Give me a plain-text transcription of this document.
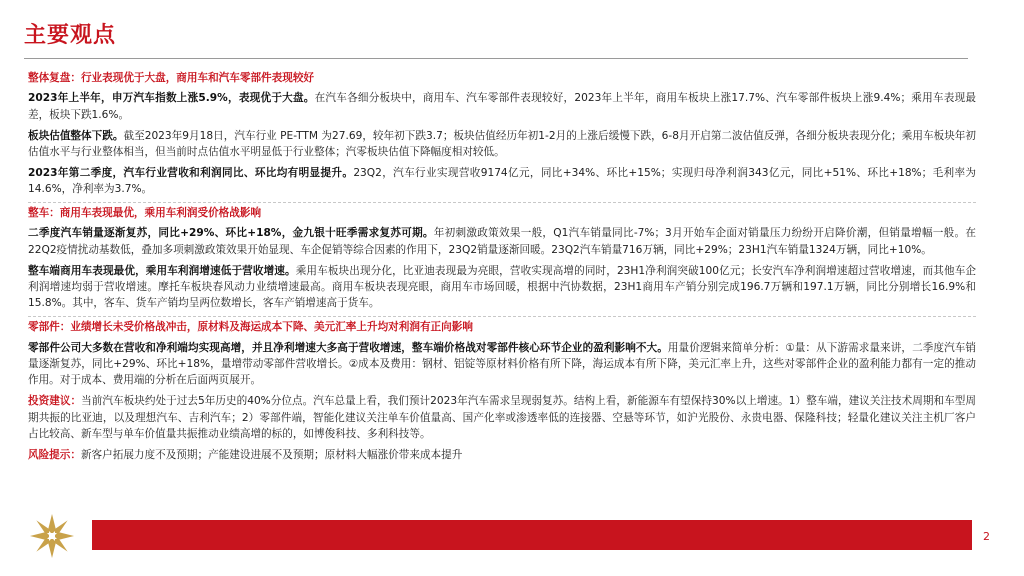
主要观点

整体复盘：行业表现优于大盘，商用车和汽车零部件表现较好

2023年上半年，申万汽车指数上涨5.9%，表现优于大盘。在汽车各细分板块中，商用车、汽车零部件表现较好，2023年上半年，商用车板块上涨17.7%、汽车零部件板块上涨9.4%；乘用车表现最差，板块下跌1.6%。

板块估值整体下跌。截至2023年9月18日，汽车行业 PE-TTM 为27.69，较年初下跌3.7；板块估值经历年初1-2月的上涨后缓慢下跌，6-8月开启第二波估值反弹，各细分板块表现分化；乘用车板块年初估值水平与行业整体相当，但当前时点估值水平明显低于行业整体；汽零板块估值下降幅度相对较低。

2023年第二季度，汽车行业营收和利润同比、环比均有明显提升。23Q2，汽车行业实现营收9174亿元，同比+34%、环比+15%；实现归母净利润343亿元，同比+51%、环比+18%；毛利率为14.6%，净利率为3.7%。

整车：商用车表现最优，乘用车利润受价格战影响

二季度汽车销量逐渐复苏，同比+29%、环比+18%，金九银十旺季需求复苏可期。年初刺激政策效果一般，Q1汽车销量同比-7%；3月开始车企面对销量压力纷纷开启降价潮，但销量增幅一般。在22Q2疫情扰动基数低，叠加多项刺激政策效果开始显现、车企促销等综合因素的作用下，23Q2销量逐渐回暖。23Q2汽车销量716万辆，同比+29%；23H1汽车销量1324万辆，同比+10%。

整车端商用车表现最优，乘用车利润增速低于营收增速。乘用车板块出现分化，比亚迪表现最为亮眼，营收实现高增的同时，23H1净利润突破100亿元；长安汽车净利润增速超过营收增速，而其他车企利润增速均弱于营收增速。摩托车板块春风动力业绩增速最高。商用车板块表现亮眼，商用车市场回暖，根据中汽协数据，23H1商用车产销分别完成196.7万辆和197.1万辆，同比分别增长16.9%和15.8%。其中，客车、货车产销均呈两位数增长，客车产销增速高于货车。

零部件：业绩增长未受价格战冲击，原材料及海运成本下降、美元汇率上升均对利润有正向影响

零部件公司大多数在营收和净利端均实现高增，并且净利增速大多高于营收增速，整车端价格战对零部件核心环节企业的盈利影响不大。用量价逻辑来简单分析：①量：从下游需求量来讲，二季度汽车销量逐渐复苏，同比+29%、环比+18%，量增带动零部件营收增长。②成本及费用：钢材、铝锭等原材料价格有所下降，海运成本有所下降，美元汇率上升，这些对零部件企业的盈利能力都有一定的推动作用。对于成本、费用端的分析在后面两页展开。

投资建议：当前汽车板块约处于过去5年历史的40%分位点。汽车总量上看，我们预计2023年汽车需求呈现弱复苏。结构上看，新能源车有望保持30%以上增速。1）整车端，建议关注技术周期和车型周期共振的比亚迪，以及理想汽车、吉利汽车；2）零部件端，智能化建议关注单车价值量高、国产化率或渗透率低的连接器、空悬等环节，如沪光股份、永贵电器、保隆科技；轻量化建议关注主机厂客户占比较高、新车型与单车价值量共振推动业绩高增的标的，如博俊科技、多利科技等。

风险提示：新客户拓展力度不及预期；产能建设进展不及预期；原材料大幅涨价带来成本提升

2
